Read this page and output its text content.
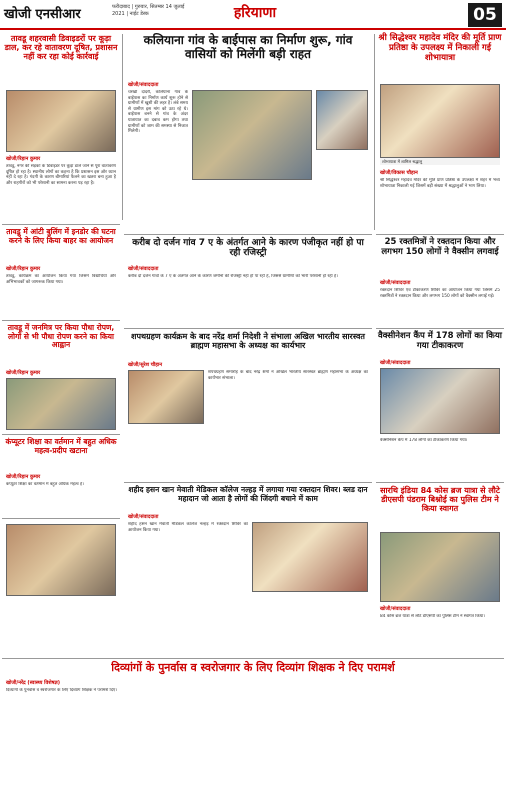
खोजी एनसीआर	फरीदाबाद | गुरुवार, सितम्बर 14 जुलाई 2021 | नाईट डेस्क	हरियाणा	05
तावडू शहरवासी डिवाइडरों पर कूड़ा डाल, कर रहे वातावरण दूषित, प्रशासन नहीं कर रहा कोई कार्रवाई
खोजी/रिहान कुमार
तावडू, नगर की सड़कों के डिवाइडर पर कूड़ा डाले जाने से पूरा वातावरण दूषित हो रहा है। स्थानीय लोगों का कहना है कि प्रशासन इस ओर ध्यान नहीं दे रहा है। गंदगी के कारण बीमारियां फैलने का खतरा बना हुआ है और राहगीरों को भी परेशानी का सामना करना पड़ रहा है।
कलियाना गांव के बाईपास का निर्माण शुरू, गांव वासियों को मिलेंगी बड़ी राहत
खोजी/संवाददाता
चरखी दादरी, कलियाना गांव के बाईपास का निर्माण कार्य शुरू होने से ग्रामीणों में खुशी की लहर है। लंबे समय से ग्रामीण इस मांग को उठा रहे थे। बाईपास बनने से गांव के अंदर यातायात का दबाव कम होगा तथा ग्रामीणों को जाम की समस्या से निजात मिलेगी।
श्री सिद्धेश्वर महादेव मंदिर की मूर्ति प्राण प्रतिष्ठा के उपलक्ष्य में निकाली गई शोभायात्रा
शोभायात्रा में शामिल श्रद्धालु
खोजी/विकास चौहान
श्री सिद्धेश्वर महादेव मंदिर की मूर्ति प्राण प्रतिष्ठा के उपलक्ष्य में शहर में भव्य शोभायात्रा निकाली गई जिसमें बड़ी संख्या में श्रद्धालुओं ने भाग लिया।
तावडू में आंटी बुलिंग में इनडोर की घटना करने के लिए किया बाहर का आयोजन
खोजी/रिहान कुमार
तावडू, कार्यक्रम का आयोजन किया गया जिसमें विद्यार्थियों और अभिभावकों को जागरूक किया गया।
करीब दो दर्जन गांव 7 ए के अंतर्गत आने के कारण पंजीकृत नहीं हो पा रही रजिस्ट्री
खोजी/संवाददाता
करीब दो दर्जन गांवों के 7 ए के अंतर्गत आने के कारण जमीनों की रजिस्ट्री नहीं हो पा रही है, जिससे ग्रामीणों को भारी परेशानी हो रही है।
25 रक्तमित्रों ने रक्तदान किया और लगभग 150 लोगों ने वैक्सीन लगवाई
खोजी/संवाददाता
रक्तदान शिविर एवं टीकाकरण शिविर का आयोजन किया गया जिसमें 25 रक्तमित्रों ने रक्तदान किया और लगभग 150 लोगों को वैक्सीन लगाई गई।
तावडू में जनमित्र पर किया पौधा रोपण, लोगों से भी पौधा रोपण करने का किया आह्वान
खोजी/रिहान कुमार
शपथग्रहण कार्यक्रम के बाद नरेंद्र शर्मा निदेशी ने संभाला अखिल भारतीय सारस्वत ब्राह्मण महासभा के अध्यक्ष का कार्यभार
खोजी/सुरेश चौहान
शपथग्रहण समारोह के बाद नरेंद्र शर्मा ने अखिल भारतीय सारस्वत ब्राह्मण महासभा के अध्यक्ष का कार्यभार संभाला।
वैक्सीनेशन कैंप में 178 लोगों का किया गया टीकाकरण
खोजी/संवाददाता
वैक्सीनेशन कैंप में 178 लोगों का टीकाकरण किया गया।
कंप्यूटर शिक्षा का वर्तमान में बहुत अधिक महत्व-प्रदीप खटाना
खोजी/रिहान कुमार
कंप्यूटर शिक्षा का वर्तमान में बहुत अधिक महत्व है।
शहीद हसन खान मेवाती मेडिकल कॉलेज नल्हड़ में लगाया गया रक्तदान शिवर। ब्लड दान महादान जो आता है लोगों की जिंदगी बचाने में काम
खोजी/संवाददाता
शहीद हसन खान मेवाती मेडिकल कॉलेज नल्हड़ में रक्तदान शिविर का आयोजन किया गया।
सारथि इंडिया 84 कोस ब्रज यात्रा से लौटे डीएसपी पंडराम बिश्नोई का पुलिस टीम ने किया स्वागत
खोजी/संवाददाता
84 कोस ब्रज यात्रा से लौटे डीएसपी का पुलिस टीम ने स्वागत किया।
दिव्यांगों के पुनर्वास व स्वरोजगार के लिए दिव्यांग शिक्षक ने दिए परामर्श
खोजी/नरेंद्र (स्वास्थ्य विशेषज्ञ)
दिव्यांगों के पुनर्वास व स्वरोजगार के लिए दिव्यांग शिक्षक ने परामर्श दिए।
